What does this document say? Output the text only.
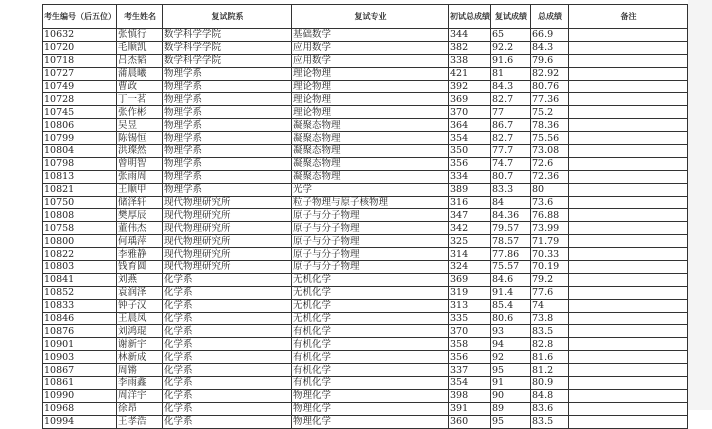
考生编号（后五位）	考生姓名	复试院系	复试专业	初试总成绩	复试成绩	总成绩	备注
10632	张慎行	数学科学学院	基础数学	344	65	66.9	
10720	毛顺凯	数学科学学院	应用数学	382	92.2	84.3	
10718	吕杰韬	数学科学学院	应用数学	338	91.6	79.6	
10727	蒲晨曦	物理学系	理论物理	421	81	82.92	
10749	曹政	物理学系	理论物理	392	84.3	80.76	
10728	丁一茗	物理学系	理论物理	369	82.7	77.36	
10745	张作彬	物理学系	理论物理	370	77	75.2	
10806	吴昱	物理学系	凝聚态物理	364	86.7	78.36	
10799	陈锡恒	物理学系	凝聚态物理	354	82.7	75.56	
10804	洪璨然	物理学系	凝聚态物理	350	77.7	73.08	
10798	曾明智	物理学系	凝聚态物理	356	74.7	72.6	
10813	张雨周	物理学系	凝聚态物理	334	80.7	72.36	
10821	王顺甲	物理学系	光学	389	83.3	80	
10750	储泽轩	现代物理研究所	粒子物理与原子核物理	316	84	73.6	
10808	樊厚辰	现代物理研究所	原子与分子物理	347	84.36	76.88	
10758	董伟杰	现代物理研究所	原子与分子物理	342	79.57	73.99	
10800	何瑀萍	现代物理研究所	原子与分子物理	325	78.57	71.79	
10822	李雅静	现代物理研究所	原子与分子物理	314	77.86	70.33	
10803	钱育圆	现代物理研究所	原子与分子物理	324	75.57	70.19	
10841	刘燕	化学系	无机化学	369	84.6	79.2	
10852	袁润泽	化学系	无机化学	319	91.4	77.6	
10833	钟子汉	化学系	无机化学	313	85.4	74	
10846	王晨凤	化学系	无机化学	335	80.6	73.8	
10876	刘鸿琨	化学系	有机化学	370	93	83.5	
10901	谢新宇	化学系	有机化学	358	94	82.8	
10903	林新成	化学系	有机化学	356	92	81.6	
10867	周锵	化学系	有机化学	337	95	81.2	
10861	李雨鑫	化学系	有机化学	354	91	80.9	
10990	周洋宇	化学系	物理化学	398	90	84.8	
10968	徐昂	化学系	物理化学	391	89	83.6	
10994	王孝浩	化学系	物理化学	360	95	83.5	
